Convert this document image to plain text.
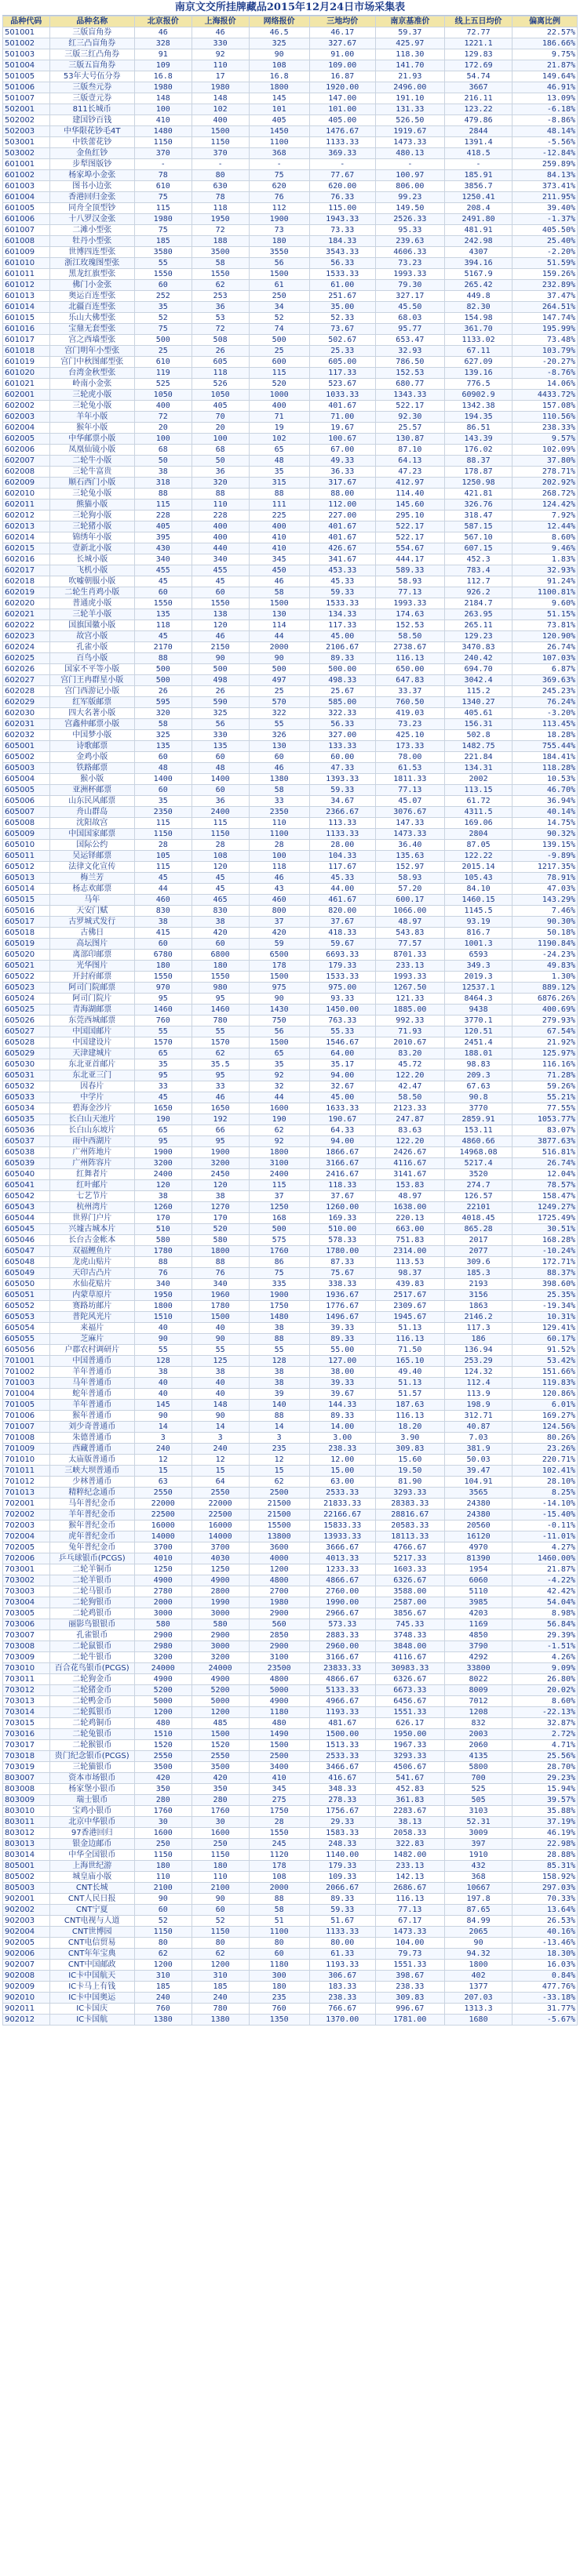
南京文交所挂牌藏品2015年12月24日市场采集表
品种代码	品种名称	北京报价	上海报价	网络报价	三地均价	南京基准价	线上五日均价	偏离比例
501001	三版盲角券	46	46	46.5	46.17	59.37	72.77	22.57%
501002	红三凸盲角券	328	330	325	327.67	425.97	1221.1	186.66%
501003	三版三红凸角券	91	92	90	91.00	118.30	129.83	9.75%
501004	三版五盲角券	109	110	108	109.00	141.70	172.69	21.87%
501005	53年大号伍分券	16.8	17	16.8	16.87	21.93	54.74	149.64%
501006	三版叁元券	1980	1980	1800	1920.00	2496.00	3667	46.91%
501007	三版壹元券	148	148	145	147.00	191.10	216.11	13.09%
502001	811长城币	100	102	101	101.00	131.33	123.22	-6.18%
502002	建国钞百钱	410	400	405	405.00	526.50	479.86	-8.86%
502003	中华限花钞毛4T	1480	1500	1450	1476.67	1919.67	2844	48.14%
503001	中铁蕾花钞	1150	1150	1100	1133.33	1473.33	1391.4	-5.56%
503002	金鱼红钞	370	370	368	369.33	480.13	418.5	-12.84%
601001	步犁图版钞	-	-	-	-	-	-	259.89%
601002	杨家埠小金张	78	80	75	77.67	100.97	185.91	84.13%
601003	图书小边张	610	630	620	620.00	806.00	3856.7	373.41%
601004	香港回归金张	75	78	76	76.33	99.23	1250.41	211.95%
601005	同舟全顶型钞	115	118	112	115.00	149.50	208.4	39.40%
601006	十八罗汉金张	1980	1950	1900	1943.33	2526.33	2491.80	-1.37%
601007	二滩小型张	75	72	73	73.33	95.33	481.91	405.50%
601008	牡丹小型张	185	188	180	184.33	239.63	242.98	25.40%
601009	世博四连型张	3580	3500	3550	3543.33	4606.33	4307	-2.20%
601010	浙江玫瑰图型张	55	58	56	56.33	73.23	394.16	51.59%
601011	黑龙红旗型张	1550	1550	1500	1533.33	1993.33	5167.9	159.26%
601012	佛门小金张	60	62	61	61.00	79.30	265.42	232.89%
601013	奥运百连型张	252	253	250	251.67	327.17	449.8	37.47%
601014	北疆百连型张	35	36	34	35.00	45.50	82.30	264.51%
601015	乐山大佛型张	52	53	52	52.33	68.03	154.98	147.74%
601016	宝鼎无套型张	75	72	74	73.67	95.77	361.70	195.99%
601017	宫之西墙型张	500	508	500	502.67	653.47	1133.02	73.48%
601018	宫门明年小型张	25	26	25	25.33	32.93	67.11	103.79%
601019	宫门中秋图邮型张	610	605	600	605.00	786.50	627.09	-20.27%
601020	台湾金秋型张	119	118	115	117.33	152.53	139.16	-8.76%
601021	岭南小金张	525	526	520	523.67	680.77	776.5	14.06%
602001	三轮虎小版	1050	1050	1000	1033.33	1343.33	60902.9	4433.72%
602002	三轮兔小版	400	405	400	401.67	522.17	1342.38	157.08%
602003	羊年小版	72	70	71	71.00	92.30	194.35	110.56%
602004	猴年小版	20	20	19	19.67	25.57	86.51	238.33%
602005	中华邮票小版	100	100	102	100.67	130.87	143.39	9.57%
602006	凤凰仙镜小版	68	68	65	67.00	87.10	176.02	102.09%
602007	二轮牛小版	50	50	48	49.33	64.13	88.37	37.80%
602008	三轮牛富贵	38	36	35	36.33	47.23	178.87	278.71%
602009	顺石西门小版	318	320	315	317.67	412.97	1250.98	202.92%
602010	三轮兔小版	88	88	88	88.00	114.40	421.81	268.72%
602011	熊猫小版	115	110	111	112.00	145.60	326.76	124.42%
602012	三轮狗小版	228	228	225	227.00	295.10	318.47	7.92%
602013	三轮猪小版	405	400	400	401.67	522.17	587.15	12.44%
602014	锦绣年小版	395	400	410	401.67	522.17	567.10	8.60%
602015	壹新北小版	430	440	410	426.67	554.67	607.15	9.46%
602016	长城小版	340	340	345	341.67	444.17	452.3	1.83%
602017	飞机小版	455	455	450	453.33	589.33	783.4	32.93%
602018	吹嘘朝服小版	45	45	46	45.33	58.93	112.7	91.24%
602019	二轮生肖鸡小版	60	60	58	59.33	77.13	926.2	1100.81%
602020	普通虎小版	1550	1550	1500	1533.33	1993.33	2184.7	9.60%
602021	三轮羊小版	135	138	130	134.33	174.63	263.95	51.15%
602022	国旗国徽小版	118	120	114	117.33	152.53	265.11	73.81%
602023	故宫小版	45	46	44	45.00	58.50	129.23	120.90%
602024	孔雀小版	2170	2150	2000	2106.67	2738.67	3470.83	26.74%
602025	百鸟小版	88	90	90	89.33	116.13	240.42	107.03%
602026	国家不平等小版	500	500	500	500.00	650.00	694.70	6.87%
602027	宫门王冉群星小版	500	498	497	498.33	647.83	3042.4	369.63%
602028	宫门西游记小版	26	26	25	25.67	33.37	115.2	245.23%
602029	红军版邮票	595	590	570	585.00	760.50	1340.27	76.24%
602030	四大名著小版	320	325	322	322.33	419.03	405.61	-3.20%
602031	宫鑫仲邮票小版	58	56	55	56.33	73.23	156.31	113.45%
602032	中国梦小版	325	330	326	327.00	425.10	502.8	18.28%
605001	诗歌邮票	135	135	130	133.33	173.33	1482.75	755.44%
605002	金鸡小版	60	60	60	60.00	78.00	221.84	184.41%
605003	铁路邮票	48	48	46	47.33	61.53	134.31	118.28%
605004	猴小版	1400	1400	1380	1393.33	1811.33	2002	10.53%
605005	亚洲杯邮票	60	60	58	59.33	77.13	113.15	46.70%
605006	山东民风邮票	35	36	33	34.67	45.07	61.72	36.94%
605007	舟山群岛	2350	2400	2350	2366.67	3076.67	4311.5	40.14%
605008	沈阳故宫	115	115	110	113.33	147.33	169.06	14.75%
605009	中国国家邮票	1150	1150	1100	1133.33	1473.33	2804	90.32%
605010	国际公约	28	28	28	28.00	36.40	87.05	139.15%
605011	吴运铎邮票	105	108	100	104.33	135.63	122.22	-9.89%
605012	法律文化宣传	115	120	118	117.67	152.97	2015.14	1217.35%
605013	梅兰芳	45	45	46	45.33	58.93	105.43	78.91%
605014	杨志欢邮票	44	45	43	44.00	57.20	84.10	47.03%
605015	马年	460	465	460	461.67	600.17	1460.15	143.29%
605016	天安门赋	830	830	800	820.00	1066.00	1145.5	7.46%
605017	古罗城式发行	38	38	37	37.67	48.97	93.19	90.30%
605018	古佛日	415	420	420	418.33	543.83	816.7	50.18%
605019	高坛图片	60	60	59	59.67	77.57	1001.3	1190.84%
605020	离部印邮票	6780	6800	6500	6693.33	8701.33	6593	-24.23%
605021	光华图片	180	180	178	179.33	233.13	349.3	49.83%
605022	开封府邮票	1550	1550	1500	1533.33	1993.33	2019.3	1.30%
605023	阿司门院邮票	970	980	975	975.00	1267.50	12537.1	889.12%
605024	阿司门院片	95	95	90	93.33	121.33	8464.3	6876.26%
605025	青海湖邮票	1460	1460	1430	1450.00	1885.00	9438	400.69%
605026	东莞西城邮票	760	780	750	763.33	992.33	3770.1	279.93%
605027	中国国邮片	55	55	56	55.33	71.93	120.51	67.54%
605028	中国建设片	1570	1570	1500	1546.67	2010.67	2451.4	21.92%
605029	天津建城片	65	62	65	64.00	83.20	188.01	125.97%
605030	东北亚首邮片	35	35.5	35	35.17	45.72	98.83	116.16%
605031	东北亚三门	95	95	92	94.00	122.20	209.3	71.28%
605032	因春片	33	33	32	32.67	42.47	67.63	59.26%
605033	中学片	45	46	44	45.00	58.50	90.8	55.21%
605034	碧海金沙片	1650	1650	1600	1633.33	2123.33	3770	77.55%
605035	长白山天池片	190	192	190	190.67	247.87	2859.91	1053.77%
605036	长白山东坡片	65	66	62	64.33	83.63	153.11	83.07%
605037	雨中西湖片	95	95	92	94.00	122.20	4860.66	3877.63%
605038	广州阵地片	1900	1900	1800	1866.67	2426.67	14968.08	516.81%
605039	广州阵容片	3200	3200	3100	3166.67	4116.67	5217.4	26.74%
605040	红舞者片	2400	2450	2400	2416.67	3141.67	3520	12.04%
605041	红叶邮片	120	120	115	118.33	153.83	274.7	78.57%
605042	七艺节片	38	38	37	37.67	48.97	126.57	158.47%
605043	杭州湾片	1260	1270	1250	1260.00	1638.00	22101	1249.27%
605044	世界门户片	170	170	168	169.33	220.13	4018.45	1725.49%
605045	兴墟古城本片	510	520	500	510.00	663.00	865.28	30.51%
605046	长台古金帐本	580	580	575	578.33	751.83	2017	168.28%
605047	双福鲤鱼片	1780	1800	1760	1780.00	2314.00	2077	-10.24%
605048	龙虎山贴片	88	88	86	87.33	113.53	309.6	172.71%
605049	天印古凸片	76	76	75	75.67	98.37	185.3	88.37%
605050	水仙花贴片	340	340	335	338.33	439.83	2193	398.60%
605051	内蒙草原片	1950	1960	1900	1936.67	2517.67	3156	25.35%
605052	赛路坊邮片	1800	1780	1750	1776.67	2309.67	1863	-19.34%
605053	普陀风光片	1510	1500	1480	1496.67	1945.67	2146.2	10.31%
605054	来福片	40	40	38	39.33	51.13	117.3	129.41%
605055	芝麻片	90	90	88	89.33	116.13	186	60.17%
605056	户郡农村调研片	55	55	55	55.00	71.50	136.94	91.52%
701001	中国普通币	128	125	128	127.00	165.10	253.29	53.42%
701002	羊年普通币	38	38	38	38.00	49.40	124.32	151.66%
701003	马年普通币	40	40	38	39.33	51.13	112.4	119.83%
701004	蛇年普通币	40	40	39	39.67	51.57	113.9	120.86%
701005	羊年普通币	145	148	140	144.33	187.63	198.9	6.01%
701006	猴年普通币	90	90	88	89.33	116.13	312.71	169.27%
701007	刘少奇普通币	14	14	14	14.00	18.20	40.87	124.56%
701008	朱德普通币	3	3	3	3.00	3.90	7.03	80.26%
701009	西藏普通币	240	240	235	238.33	309.83	381.9	23.26%
701010	太庙版普通币	12	12	12	12.00	15.60	50.03	220.71%
701011	三峡大坝普通币	15	15	15	15.00	19.50	39.47	102.41%
701012	少林普通币	63	64	62	63.00	81.90	104.91	28.10%
701013	精粹纪念通币	2550	2550	2500	2533.33	3293.33	3565	8.25%
702001	马年普纪金币	22000	22000	21500	21833.33	28383.33	24380	-14.10%
702002	羊年普纪金币	22500	22500	21500	22166.67	28816.67	24380	-15.40%
702003	猴年普纪金币	16000	16000	15500	15833.33	20583.33	20560	-0.11%
702004	虎年普纪金币	14000	14000	13800	13933.33	18113.33	16120	-11.01%
702005	兔年普纪金币	3700	3700	3600	3666.67	4766.67	4970	4.27%
702006	乒乓球银币(PCGS)	4010	4030	4000	4013.33	5217.33	81390	1460.00%
703001	二轮羊铜币	1250	1250	1200	1233.33	1603.33	1954	21.87%
703002	二轮羊银币	4900	4900	4800	4866.67	6326.67	6060	-4.22%
703003	二轮马银币	2780	2800	2700	2760.00	3588.00	5110	42.42%
703004	二轮狗银币	2000	1990	1980	1990.00	2587.00	3985	54.04%
703005	二轮鸡银币	3000	3000	2900	2966.67	3856.67	4203	8.98%
703006	丽影鸟银银币	580	580	560	573.33	745.33	1169	56.84%
703007	孔雀银币	2900	2900	2850	2883.33	3748.33	4850	29.39%
703008	二轮鼠银币	2980	3000	2900	2960.00	3848.00	3790	-1.51%
703009	二轮牛银币	3200	3200	3100	3166.67	4116.67	4292	4.26%
703010	百合花鸟银币(PCGS)	24000	24000	23500	23833.33	30983.33	33800	9.09%
703011	二轮狗金币	4900	4900	4800	4866.67	6326.67	8022	26.80%
703012	二轮猪金币	5200	5200	5000	5133.33	6673.33	8009	20.02%
703013	二轮鸭金币	5000	5000	4900	4966.67	6456.67	7012	8.60%
703014	二轮狐银币	1200	1200	1180	1193.33	1551.33	1208	-22.13%
703015	二轮鸡铜币	480	485	480	481.67	626.17	832	32.87%
703016	二轮兔银币	1510	1500	1490	1500.00	1950.00	2003	2.72%
703017	二轮猴银币	1520	1520	1500	1513.33	1967.33	2060	4.71%
703018	贵门纪念银币(PCGS)	2550	2550	2500	2533.33	3293.33	4135	25.56%
703019	三轮猫银币	3500	3500	3400	3466.67	4506.67	5800	28.70%
803007	资本市场银币	420	420	410	416.67	541.67	700	29.23%
803008	杨家堡小银币	350	350	345	348.33	452.83	525	15.94%
803009	瑞士银币	280	280	275	278.33	361.83	505	39.57%
803010	宝鸡小银币	1760	1760	1750	1756.67	2283.67	3103	35.88%
803011	北京中华银币	30	30	28	29.33	38.13	52.31	37.19%
803012	97香港回归	1600	1600	1550	1583.33	2058.33	3009	46.19%
803013	银金边邮币	250	250	245	248.33	322.83	397	22.98%
803014	中华全国银币	1150	1150	1120	1140.00	1482.00	1910	28.88%
805001	上海世纪游	180	180	178	179.33	233.13	432	85.31%
805002	城皇庙小版	110	110	108	109.33	142.13	368	158.92%
805003	CNT长城	2100	2100	2000	2066.67	2686.67	10667	297.03%
902001	CNT人民日报	90	90	88	89.33	116.13	197.8	70.33%
902002	CNT宁夏	60	60	58	59.33	77.13	87.65	13.64%
902003	CNT电视与人道	52	52	51	51.67	67.17	84.99	26.53%
902004	CNT世博园	1150	1150	1100	1133.33	1473.33	2065	40.16%
902005	CNT电信贸易	80	80	80	80.00	104.00	90	-13.46%
902006	CNT年年宝典	62	62	60	61.33	79.73	94.32	18.30%
902007	CNT中国邮政	1200	1200	1180	1193.33	1551.33	1800	16.03%
902008	IC卡中国航天	310	310	300	306.67	398.67	402	0.84%
902009	IC卡马上有钱	185	185	180	183.33	238.33	1377	477.76%
902010	IC卡中国奥运	240	240	235	238.33	309.83	207.03	-33.18%
902011	IC卡国庆	760	780	760	766.67	996.67	1313.3	31.77%
902012	IC卡国航	1380	1380	1350	1370.00	1781.00	1680	-5.67%
